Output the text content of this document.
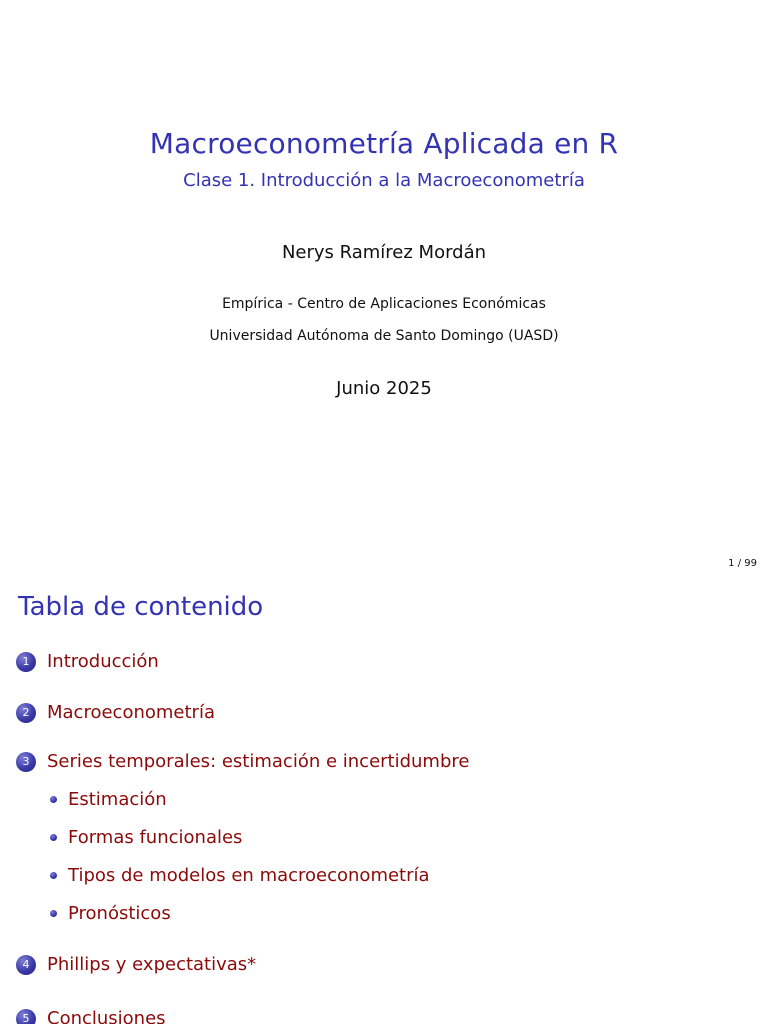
Macroeconometría Aplicada en R
Clase 1. Introducción a la Macroeconometría
Nerys Ramírez Mordán
Empírica - Centro de Aplicaciones Económicas
Universidad Autónoma de Santo Domingo (UASD)
Junio 2025
1 / 99
Tabla de contenido
1 Introducción
2 Macroeconometría
3 Series temporales: estimación e incertidumbre
Estimación
Formas funcionales
Tipos de modelos en macroeconometría
Pronósticos
4 Phillips y expectativas*
5 Conclusiones
